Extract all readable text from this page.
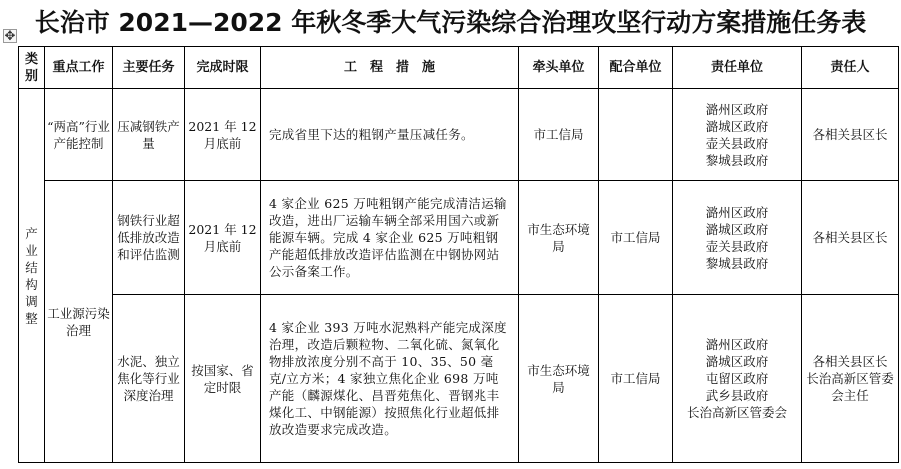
长治市 2021—2022 年秋冬季大气污染综合治理攻坚行动方案措施任务表
✥
类别	重点工作	主要任务	完成时限	工　程　措　施	牵头单位	配合单位	责任单位	责任人
产业结构调整	“两高”行业产能控制	压减钢铁产量	2021 年 12 月底前	完成省里下达的粗钢产量压减任务。	市工信局		潞州区政府
潞城区政府
壶关县政府
黎城县政府	各相关县区长
	工业源污染治理	钢铁行业超低排放改造和评估监测	2021 年 12 月底前	4 家企业 625 万吨粗钢产能完成清洁运输改造，进出厂运输车辆全部采用国六或新能源车辆。完成 4 家企业 625 万吨粗钢产能超低排放改造评估监测在中钢协网站公示备案工作。	市生态环境局	市工信局	潞州区政府
潞城区政府
壶关县政府
黎城县政府	各相关县区长
		水泥、独立焦化等行业深度治理	按国家、省定时限	4 家企业 393 万吨水泥熟料产能完成深度治理，改造后颗粒物、二氧化硫、氮氧化物排放浓度分别不高于 10、35、50 毫克/立方米；4 家独立焦化企业 698 万吨产能（麟源煤化、昌晋苑焦化、晋钢兆丰煤化工、中钢能源）按照焦化行业超低排放改造要求完成改造。	市生态环境局	市工信局	潞州区政府
潞城区政府
屯留区政府
武乡县政府
长治高新区管委会	各相关县区长 长治高新区管委会主任
